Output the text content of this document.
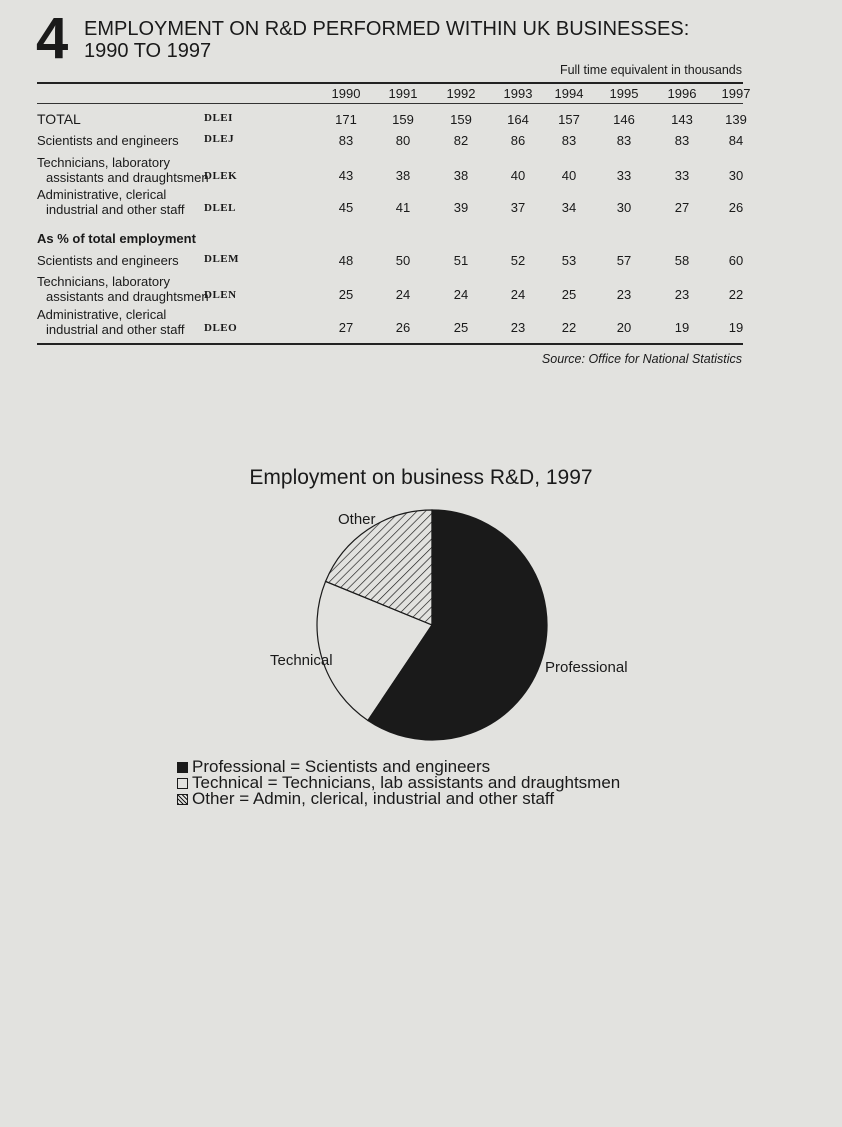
4 EMPLOYMENT ON R&D PERFORMED WITHIN UK BUSINESSES:
1990 TO 1997
Full time equivalent in thousands
1990	1991	1992	1993	1994	1995	1996	1997
TOTAL	DLEI	171	159	159	164	157	146	143	139
Scientists and engineers	DLEJ	83	80	82	86	83	83	83	84
Technicians, laboratory
assistants and draughtsmen
DLEK	43	38	38	40	40	33	33	30
Administrative, clerical
industrial and other staff	DLEL	45	41	39	37	34	30	27	26
As % of total employment
Scientists and engineers	DLEM	48	50	51	52	53	57	58	60
Technicians, laboratory
assistants and draughtsmen
DLEN	25	24	24	24	25	23	23	22
Administrative, clerical
industrial and other staff	DLEO	27	26	25	23	22	20	19	19
Source: Office for National Statistics
Employment on business R&D, 1997
Other
Technical	Professional
Professional = Scientists and engineers
Technical = Technicians, lab assistants and draughtsmen
Other = Admin, clerical, industrial and other staff
